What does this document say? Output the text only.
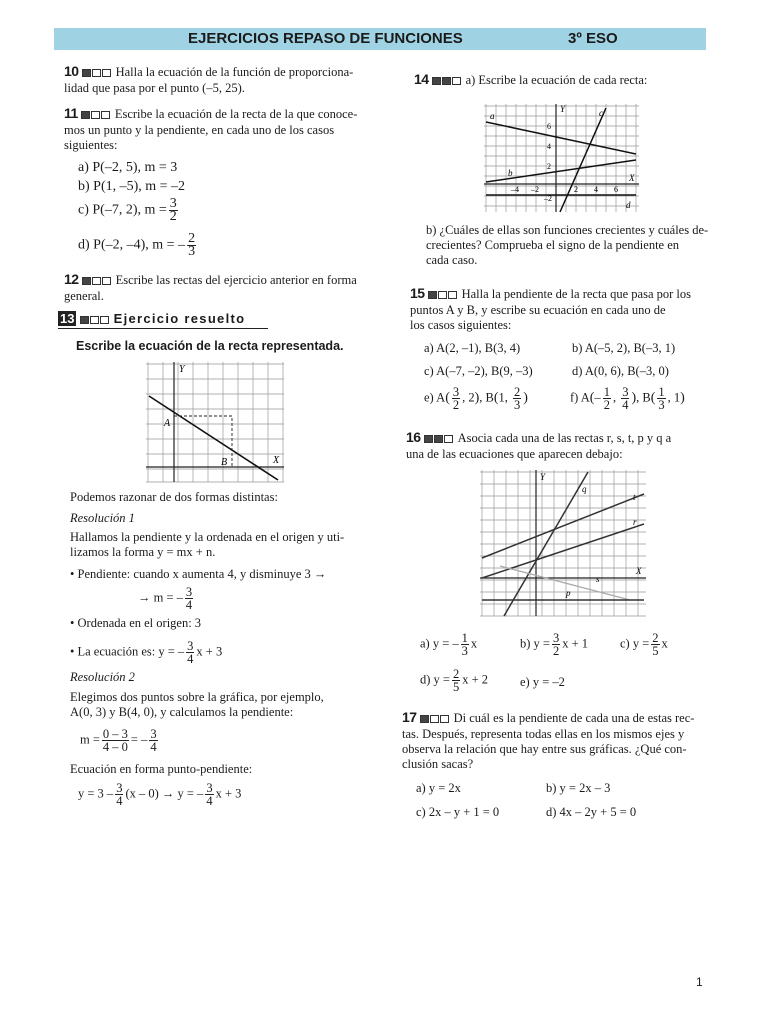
EJERCICIOS REPASO DE FUNCIONES	3º ESO
10	Halla la ecuación de la función de proporciona-
lidad que pasa por el punto (–5, 25).
11	Escribe la ecuación de la recta de la que conoce-
mos un punto y la pendiente, en cada uno de los casos
siguientes:
a) P(–2, 5), m = 3
b) P(1, –5), m = –2
c) P(–7, 2), $m = \frac{3}{2}$
d) P(–2, –4), m = – $\frac{2}{3}$
12	Escribe las rectas del ejercicio anterior en forma
general.
13	Ejercicio resuelto
Escribe la ecuación de la recta representada.
Y
X
A
B
Podemos razonar de dos formas distintas:
Resolución 1
Hallamos la pendiente y la ordenada en el origen y uti-
lizamos la forma y = mx + n.
• Pendiente: cuando x aumenta 4, y disminuye 3 →
→ m = – $\frac{3}{4}$
• Ordenada en el origen: 3
• La ecuación es: y = – $\frac{3}{4}$ x + 3
Resolución 2
Elegimos dos puntos sobre la gráfica, por ejemplo,
A(0, 3) y B(4, 0), y calculamos la pendiente:
$m = \frac{0 - 3}{4 - 0}$ = – $\frac{3}{4}$
Ecuación en forma punto-pendiente:
$y = 3 - \frac{3}{4} (x - 0) \to y$ = – $\frac{3}{4}$ x + 3
14	a) Escribe la ecuación de cada recta:
Y
X
6
4
2
–2
–4 –2	2 4 6
a
b
c
d
b) ¿Cuáles de ellas son funciones crecientes y cuáles de-
crecientes? Comprueba el signo de la pendiente en
cada caso.
15	Halla la pendiente de la recta que pasa por los
puntos A y B, y escribe su ecuación en cada uno de
los casos siguientes:
a) A(2, –1), B(3, 4)	b) A(–5, 2), B(–3, 1)
c) A(–7, –2), B(9, –3)	d) A(0, 6), B(–3, 0)
e) $A( \frac{3}{2}$ , 2), B(1, $\frac{2}{3}$ )	f) $A(- \frac{1}{2}$ , $\frac{3}{4}$ ), $B( \frac{1}{3}$ , 1)
16	Asocia cada una de las rectas r, s, t, p y q a
una de las ecuaciones que aparecen debajo:
Y
X
q
t
r
s
p
a) y = – $\frac{1}{3}$ x	b) $y = \frac{3}{2}$ x + 1	c) $y = \frac{2}{5}$ x
d) $y = \frac{2}{5}$ x + 2	e) y = –2
17	Di cuál es la pendiente de cada una de estas rec-
tas. Después, representa todas ellas en los mismos ejes y
observa la relación que hay entre sus gráficas. ¿Qué con-
clusión sacas?
a) y = 2x	b) y = 2x – 3
c) 2x – y + 1 = 0	d) 4x – 2y + 5 = 0
1
